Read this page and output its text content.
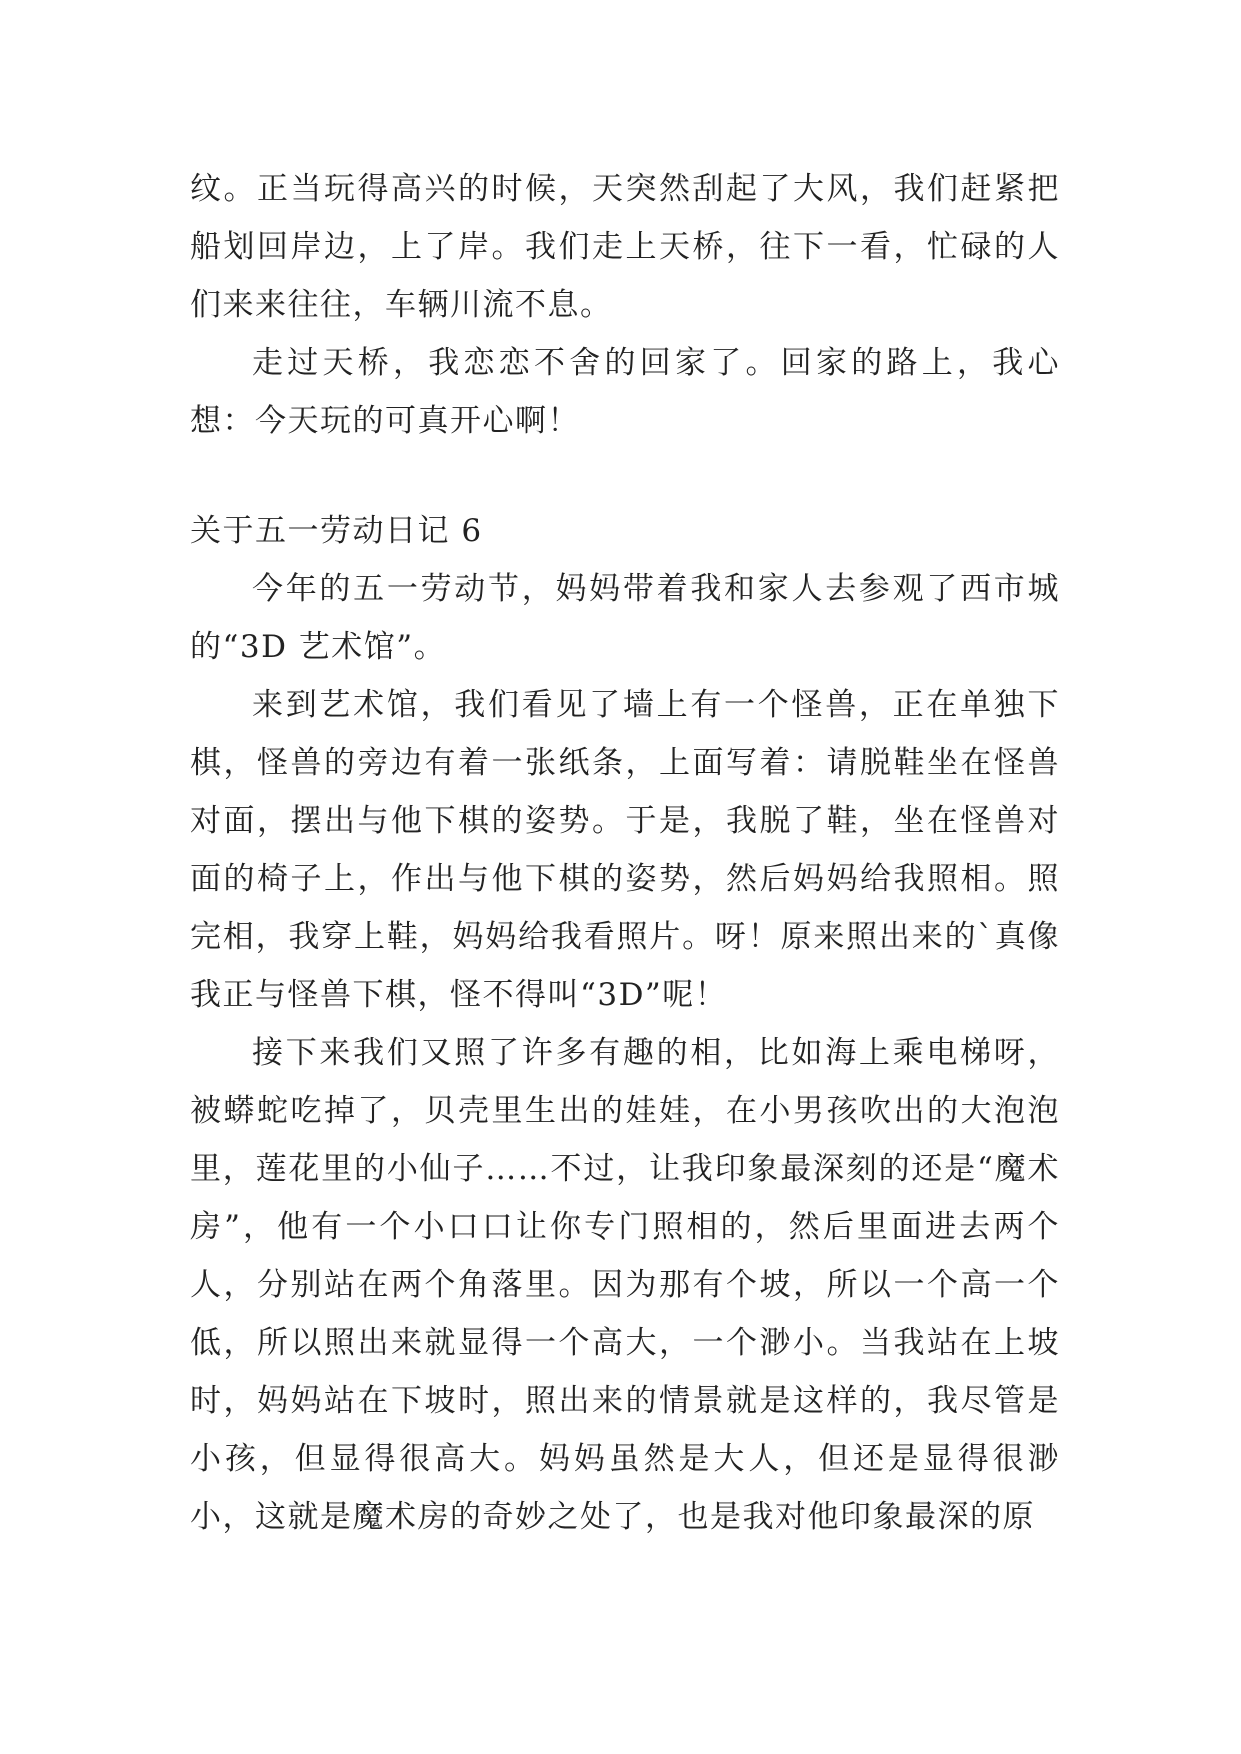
纹。正当玩得高兴的时候，天突然刮起了大风，我们赶紧把船划回岸边，上了岸。我们走上天桥，往下一看，忙碌的人们来来往往，车辆川流不息。

走过天桥，我恋恋不舍的回家了。回家的路上，我心想：今天玩的可真开心啊！

关于五一劳动日记 6

今年的五一劳动节，妈妈带着我和家人去参观了西市城的“3D 艺术馆”。

来到艺术馆，我们看见了墙上有一个怪兽，正在单独下棋，怪兽的旁边有着一张纸条，上面写着：请脱鞋坐在怪兽对面，摆出与他下棋的姿势。于是，我脱了鞋，坐在怪兽对面的椅子上，作出与他下棋的姿势，然后妈妈给我照相。照完相，我穿上鞋，妈妈给我看照片。呀！原来照出来的`真像我正与怪兽下棋，怪不得叫“3D”呢！

接下来我们又照了许多有趣的相，比如海上乘电梯呀，被蟒蛇吃掉了，贝壳里生出的娃娃，在小男孩吹出的大泡泡里，莲花里的小仙子……不过，让我印象最深刻的还是“魔术房”，他有一个小口口让你专门照相的，然后里面进去两个人，分别站在两个角落里。因为那有个坡，所以一个高一个低，所以照出来就显得一个高大，一个渺小。当我站在上坡时，妈妈站在下坡时，照出来的情景就是这样的，我尽管是小孩，但显得很高大。妈妈虽然是大人，但还是显得很渺小，这就是魔术房的奇妙之处了，也是我对他印象最深的原
